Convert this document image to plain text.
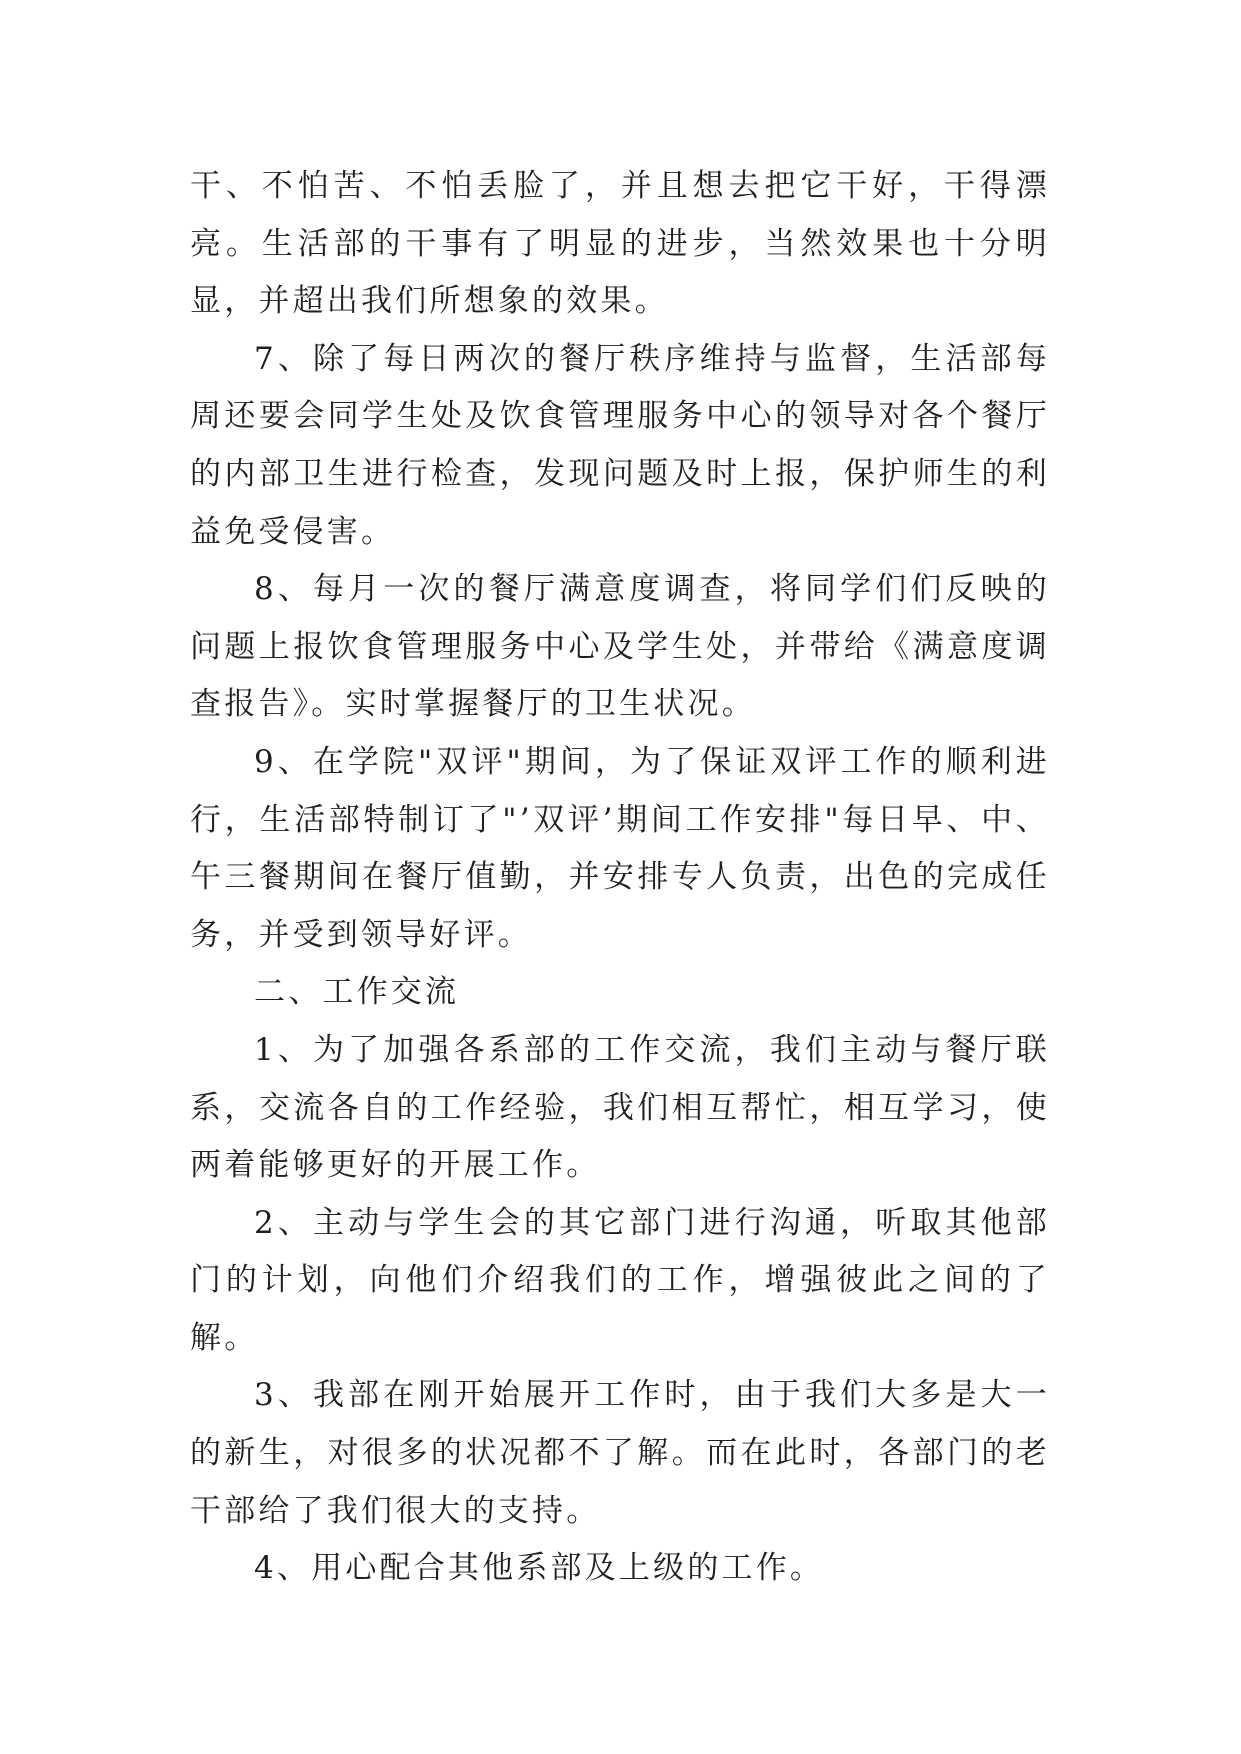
干、不怕苦、不怕丢脸了，并且想去把它干好，干得漂亮。生活部的干事有了明显的进步，当然效果也十分明显，并超出我们所想象的效果。

7、除了每日两次的餐厅秩序维持与监督，生活部每周还要会同学生处及饮食管理服务中心的领导对各个餐厅的内部卫生进行检查，发现问题及时上报，保护师生的利益免受侵害。

8、每月一次的餐厅满意度调查，将同学们们反映的问题上报饮食管理服务中心及学生处，并带给《满意度调查报告》。实时掌握餐厅的卫生状况。

9、在学院"双评"期间，为了保证双评工作的顺利进行，生活部特制订了"’双评’期间工作安排"每日早、中、午三餐期间在餐厅值勤，并安排专人负责，出色的完成任务，并受到领导好评。

二、工作交流

1、为了加强各系部的工作交流，我们主动与餐厅联系，交流各自的工作经验，我们相互帮忙，相互学习，使两着能够更好的开展工作。

2、主动与学生会的其它部门进行沟通，听取其他部门的计划，向他们介绍我们的工作，增强彼此之间的了解。

3、我部在刚开始展开工作时，由于我们大多是大一的新生，对很多的状况都不了解。而在此时，各部门的老干部给了我们很大的支持。

4、用心配合其他系部及上级的工作。
